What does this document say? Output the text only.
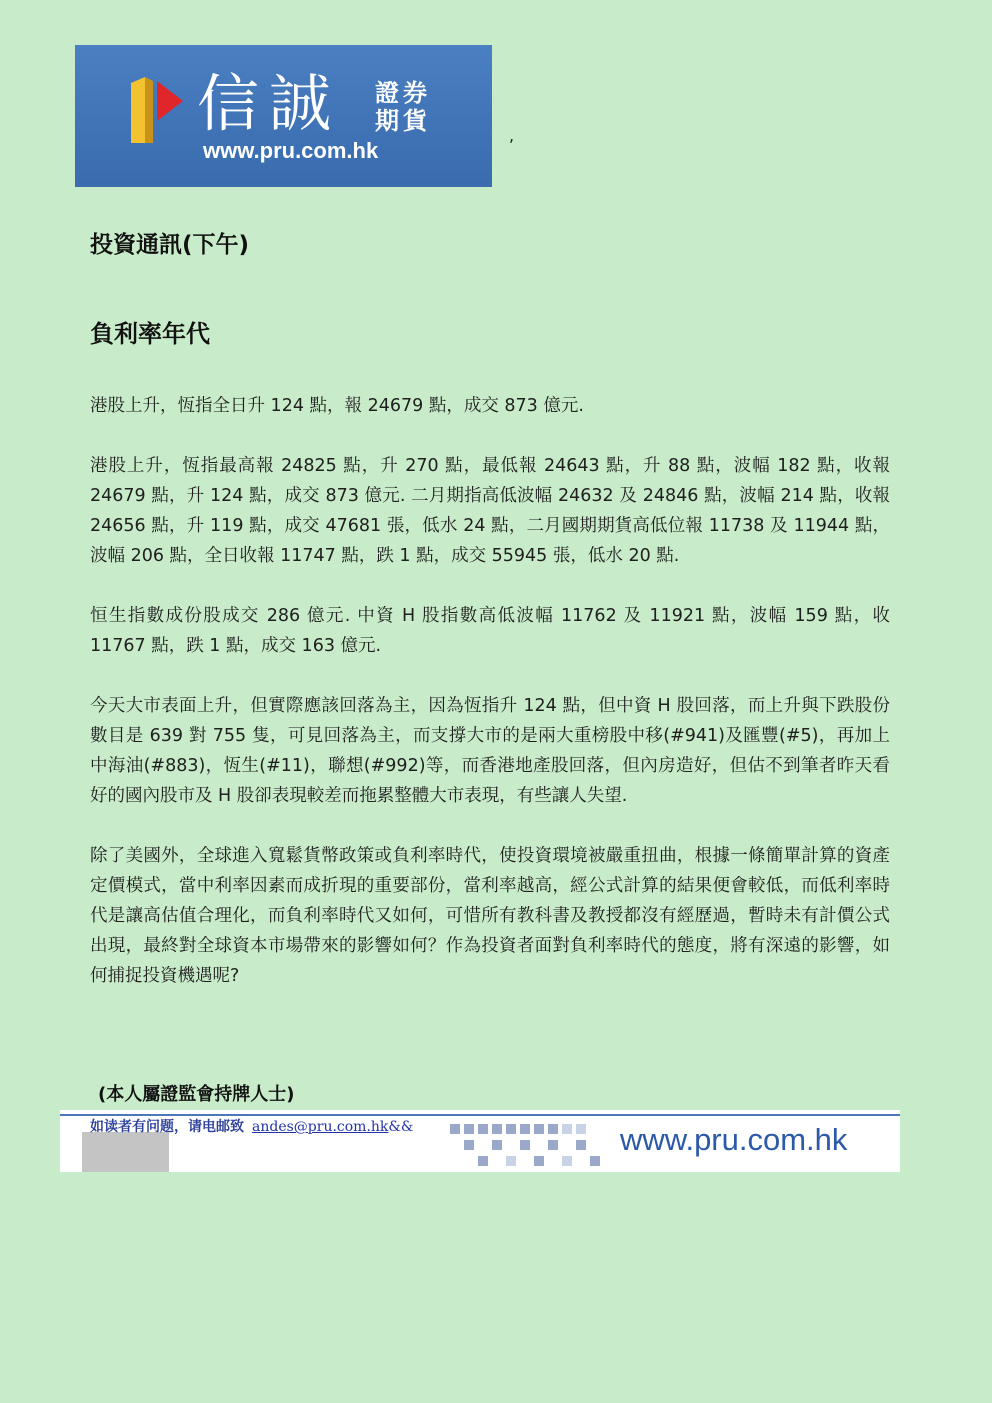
信誠 證券
期貨
www.pru.com.hk
,
投資通訊(下午)
負利率年代

港股上升，恆指全日升 124 點，報 24679 點，成交 873 億元.

港股上升，恆指最高報 24825 點，升 270 點，最低報 24643 點，升 88 點，波幅 182 點，收報 24679 點，升 124 點，成交 873 億元. 二月期指高低波幅 24632 及 24846 點，波幅 214 點，收報 24656 點，升 119 點，成交 47681 張，低水 24 點，二月國期期貨高低位報 11738 及 11944 點，波幅 206 點，全日收報 11747 點，跌 1 點，成交 55945 張，低水 20 點.

恒生指數成份股成交 286 億元. 中資 H 股指數高低波幅 11762 及 11921 點，波幅 159 點，收 11767 點，跌 1 點，成交 163 億元.

今天大市表面上升，但實際應該回落為主，因為恆指升 124 點，但中資 H 股回落，而上升與下跌股份數目是 639 對 755 隻，可見回落為主，而支撐大市的是兩大重榜股中移(#941)及匯豐(#5)，再加上中海油(#883)，恆生(#11)，聯想(#992)等，而香港地產股回落，但內房造好，但估不到筆者昨天看好的國內股市及 H 股卻表現較差而拖累整體大市表現，有些讓人失望.

除了美國外，全球進入寬鬆貨幣政策或負利率時代，使投資環境被嚴重扭曲，根據一條簡單計算的資產定價模式，當中利率因素而成折現的重要部份，當利率越高，經公式計算的結果便會較低，而低利率時代是讓高估值合理化，而負利率時代又如何，可惜所有教科書及教授都沒有經歷過，暫時未有計價公式出現，最終對全球資本市場帶來的影響如何？作為投資者面對負利率時代的態度，將有深遠的影響，如何捕捉投資機遇呢?

(本人屬證監會持牌人士)
如读者有问题，请电邮致 andes@pru.com.hk&&	www.pru.com.hk
